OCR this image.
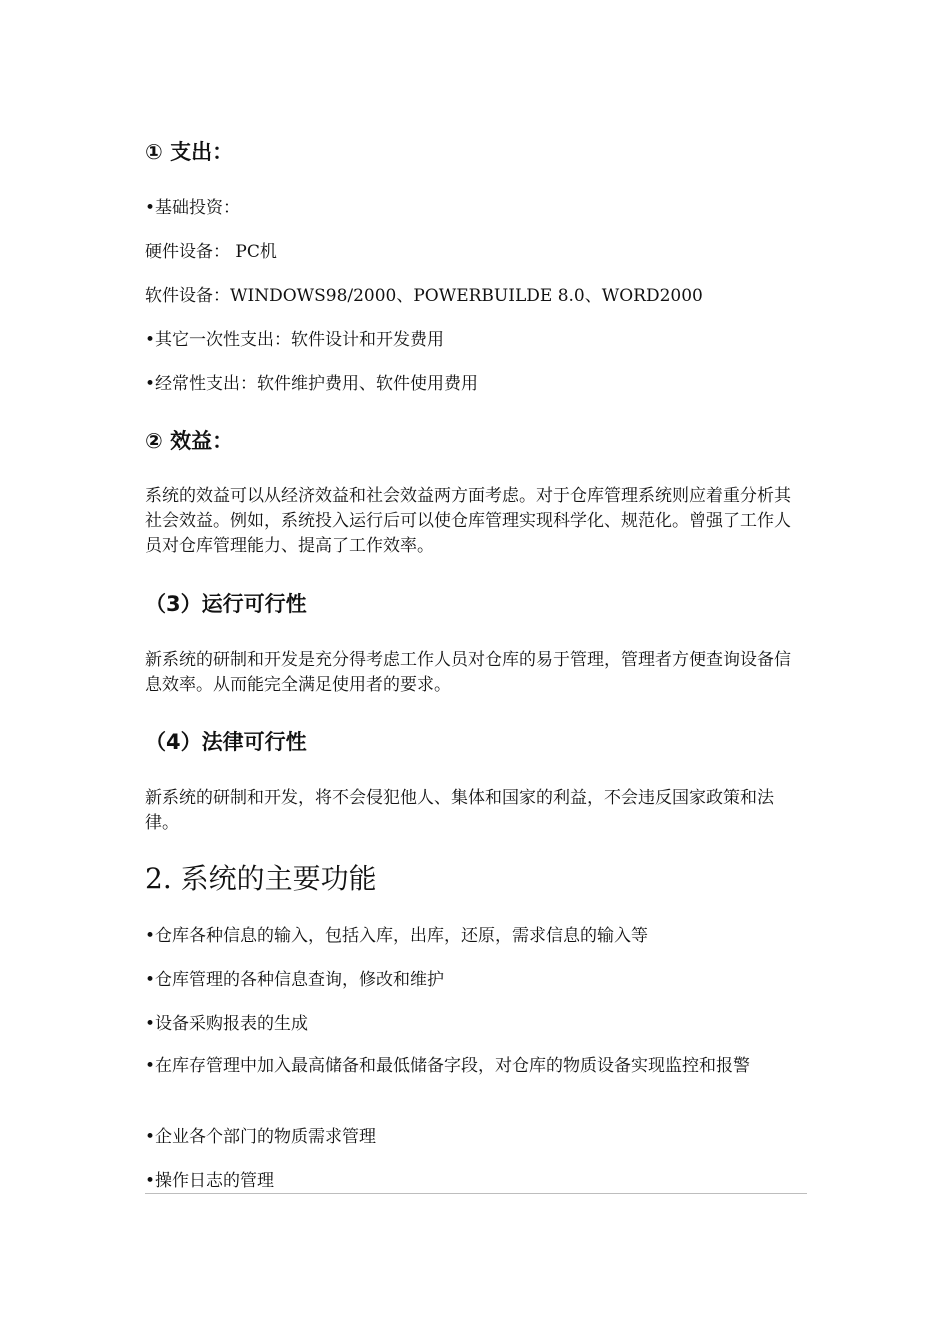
① 支出：
•基础投资：
硬件设备： PC机
软件设备：WINDOWS98/2000、POWERBUILDE 8.0、WORD2000
•其它一次性支出：软件设计和开发费用
•经常性支出：软件维护费用、软件使用费用
② 效益：

系统的效益可以从经济效益和社会效益两方面考虑。对于仓库管理系统则应着重分析其社会效益。例如，系统投入运行后可以使仓库管理实现科学化、规范化。曾强了工作人员对仓库管理能力、提高了工作效率。

（3）运行可行性

新系统的研制和开发是充分得考虑工作人员对仓库的易于管理，管理者方便查询设备信息效率。从而能完全满足使用者的要求。

（4）法律可行性

新系统的研制和开发，将不会侵犯他人、集体和国家的利益，不会违反国家政策和法律。

2. 系统的主要功能
•仓库各种信息的输入，包括入库，出库，还原，需求信息的输入等
•仓库管理的各种信息查询，修改和维护
•设备采购报表的生成
•在库存管理中加入最高储备和最低储备字段，对仓库的物质设备实现监控和报警
•企业各个部门的物质需求管理
•操作日志的管理
